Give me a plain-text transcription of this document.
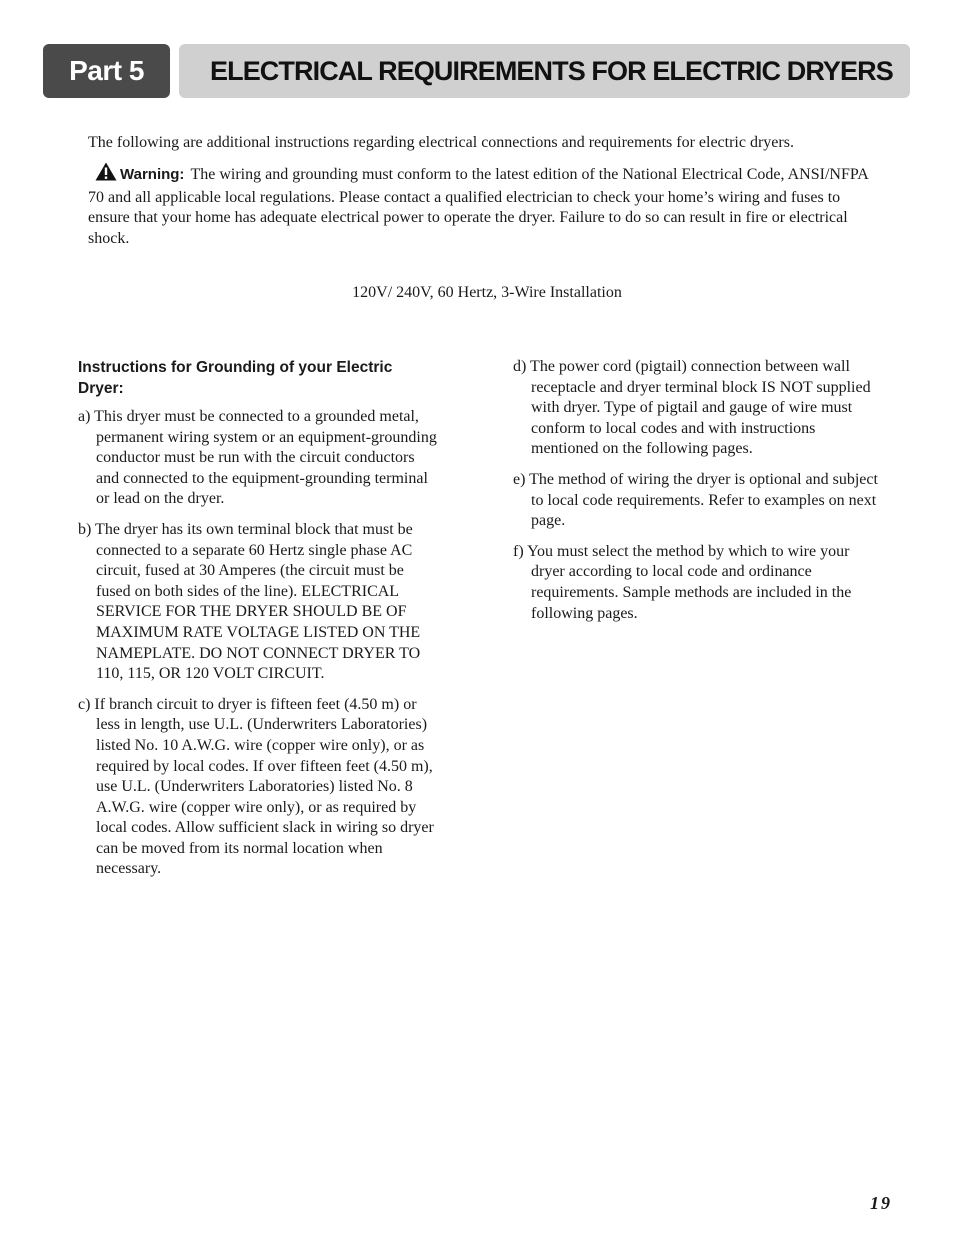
Part 5	ELECTRICAL REQUIREMENTS FOR ELECTRIC DRYERS

The following are additional instructions regarding electrical connections and requirements for electric dryers.

Warning: The wiring and grounding must conform to the latest edition of the National Electrical Code, ANSI/NFPA 70 and all applicable local regulations. Please contact a qualified electrician to check your home’s wiring and fuses to ensure that your home has adequate electrical power to operate the dryer. Failure to do so can result in fire or electrical shock.

120V/ 240V, 60 Hertz, 3-Wire Installation

Instructions for Grounding of your Electric Dryer:

a) This dryer must be connected to a grounded metal, permanent wiring system or an equipment-grounding conductor must be run with the circuit conductors and connected to the equipment-grounding terminal or lead on the dryer.

b) The dryer has its own terminal block that must be connected to a separate 60 Hertz single phase AC circuit, fused at 30 Amperes (the circuit must be fused on both sides of the line). ELECTRICAL SERVICE FOR THE DRYER SHOULD BE OF MAXIMUM RATE VOLTAGE LISTED ON THE NAMEPLATE. DO NOT CONNECT DRYER TO 110, 115, OR 120 VOLT CIRCUIT.

c) If branch circuit to dryer is fifteen feet (4.50 m) or less in length, use U.L. (Underwriters Laboratories) listed No. 10 A.W.G. wire (copper wire only), or as required by local codes. If over fifteen feet (4.50 m), use U.L. (Underwriters Laboratories) listed No. 8 A.W.G. wire (copper wire only), or as required by local codes. Allow sufficient slack in wiring so dryer can be moved from its normal location when necessary.

d) The power cord (pigtail) connection between wall receptacle and dryer terminal block IS NOT supplied with dryer. Type of pigtail and gauge of wire must conform to local codes and with instructions mentioned on the following pages.

e) The method of wiring the dryer is optional and subject to local code requirements. Refer to examples on next page.

f) You must select the method by which to wire your dryer according to local code and ordinance requirements. Sample methods are included in the following pages.

19
